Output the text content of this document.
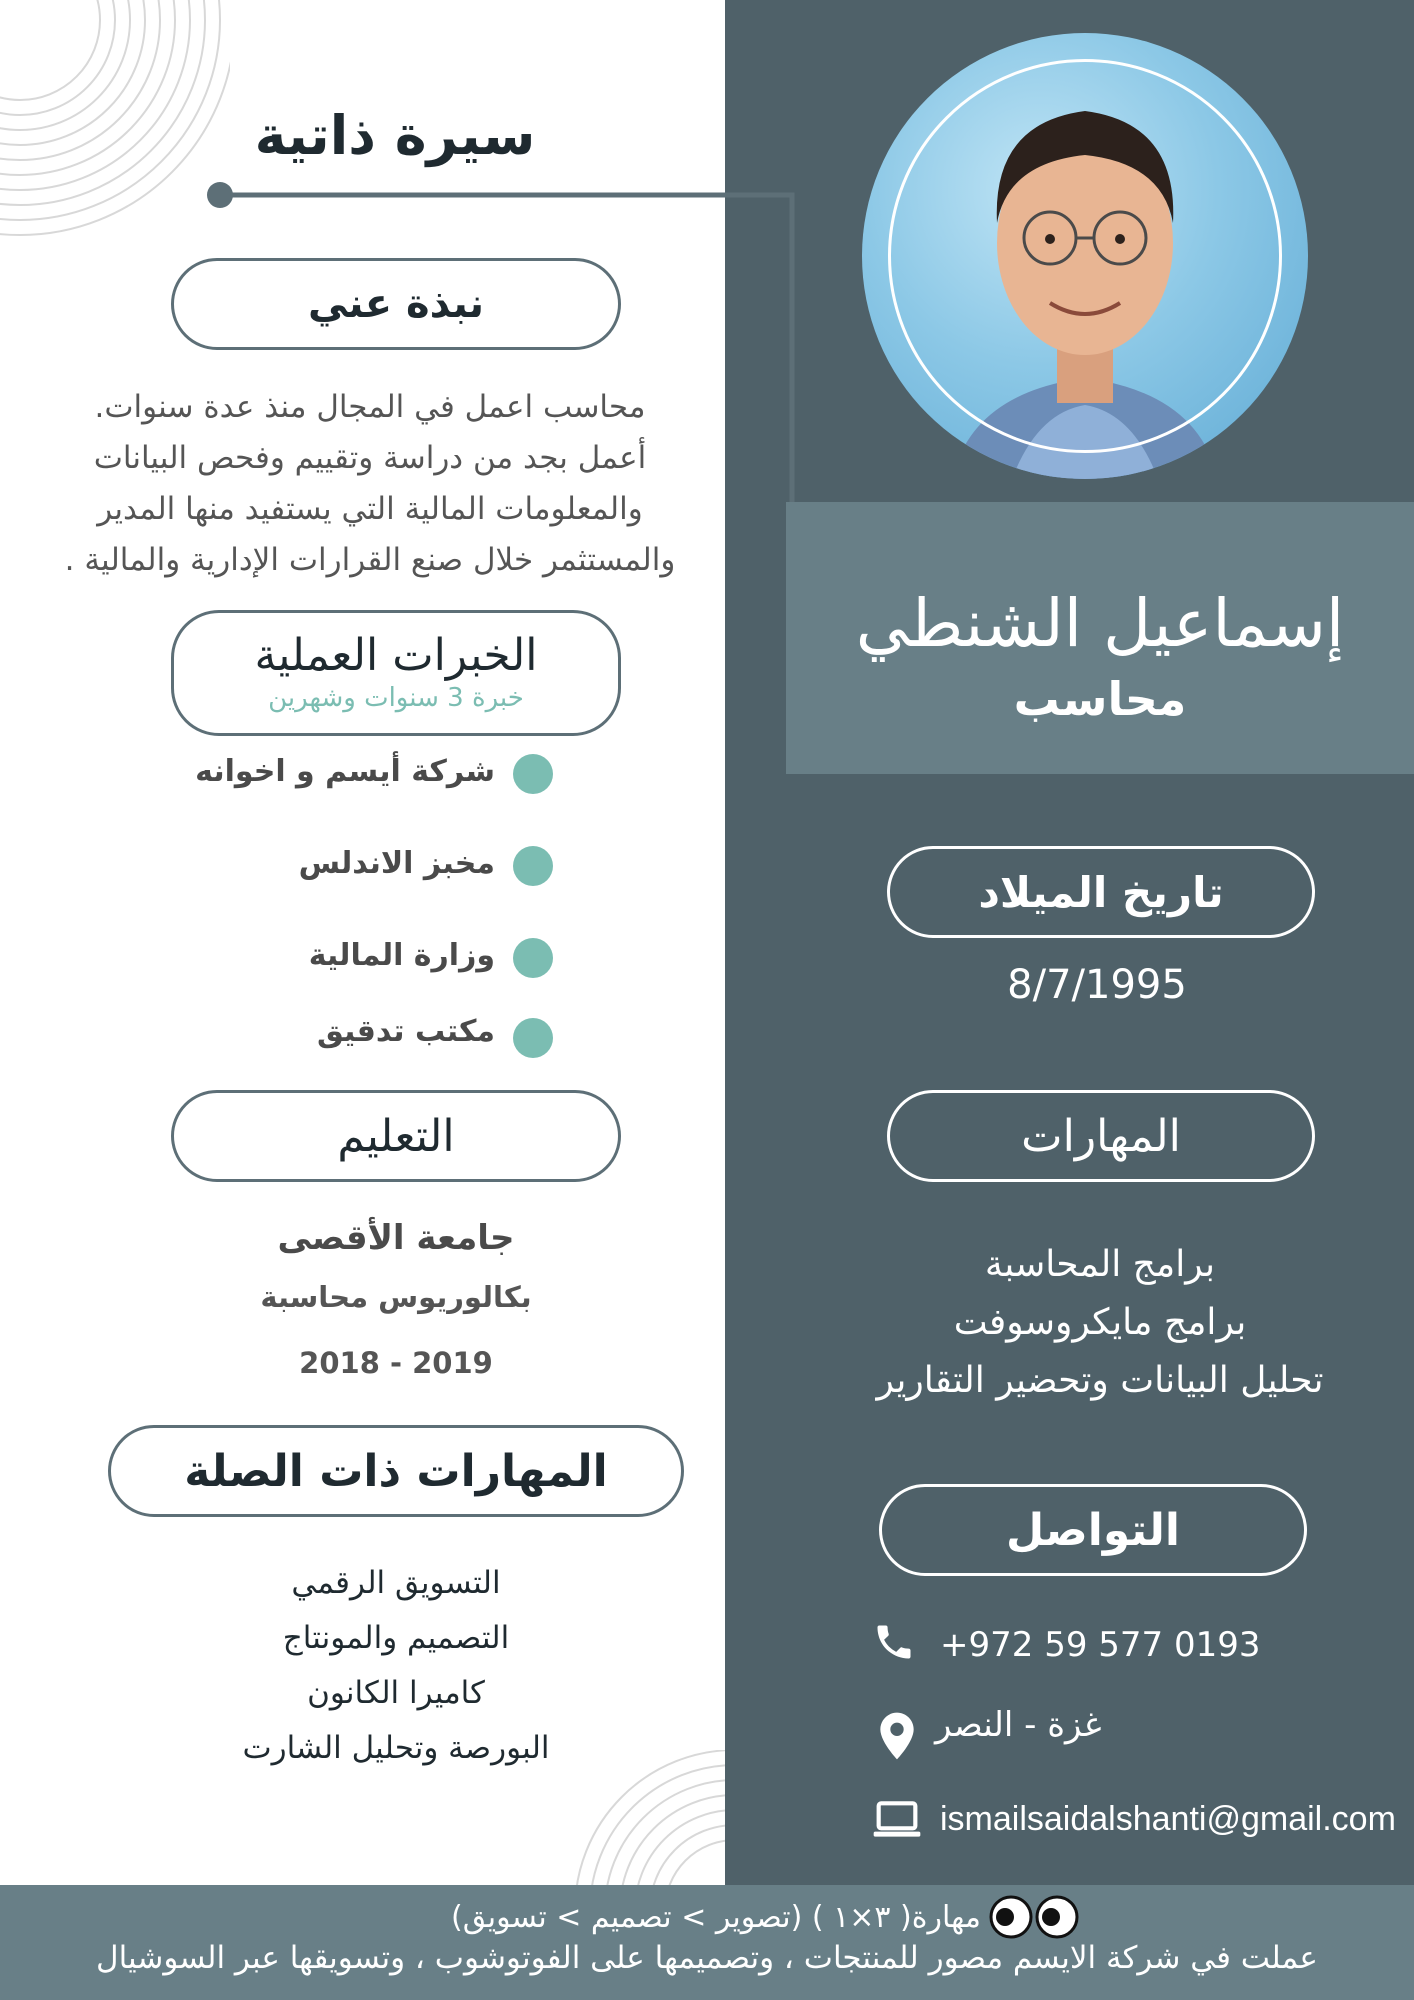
سيرة ذاتية
نبذة عني
محاسب اعمل في المجال منذ عدة سنوات.
أعمل بجد من دراسة وتقييم وفحص البيانات
والمعلومات المالية التي يستفيد منها المدير
والمستثمر خلال صنع القرارات الإدارية والمالية .
الخبرات العملية
خبرة 3 سنوات وشهرين
شركة أيسم و اخوانه
مخبز الاندلس
وزارة المالية
مكتب تدقيق
التعليم
جامعة الأقصى
بكالوريوس محاسبة
2018 - 2019
المهارات ذات الصلة
التسويق الرقمي
التصميم والمونتاج
كاميرا الكانون
البورصة وتحليل الشارت
إسماعيل الشنطي
محاسب
تاريخ الميلاد
8/7/1995
المهارات
برامج المحاسبة
برامج مايكروسوفت
تحليل البيانات وتحضير التقارير
التواصل
+972 59 577 0193
غزة - النصر
ismailsaidalshanti@gmail.com
مهارة( ٣×١ ) (تصوير > تصميم > تسويق)
عملت في شركة الايسم مصور للمنتجات ، وتصميمها على الفوتوشوب ، وتسويقها عبر السوشيال
